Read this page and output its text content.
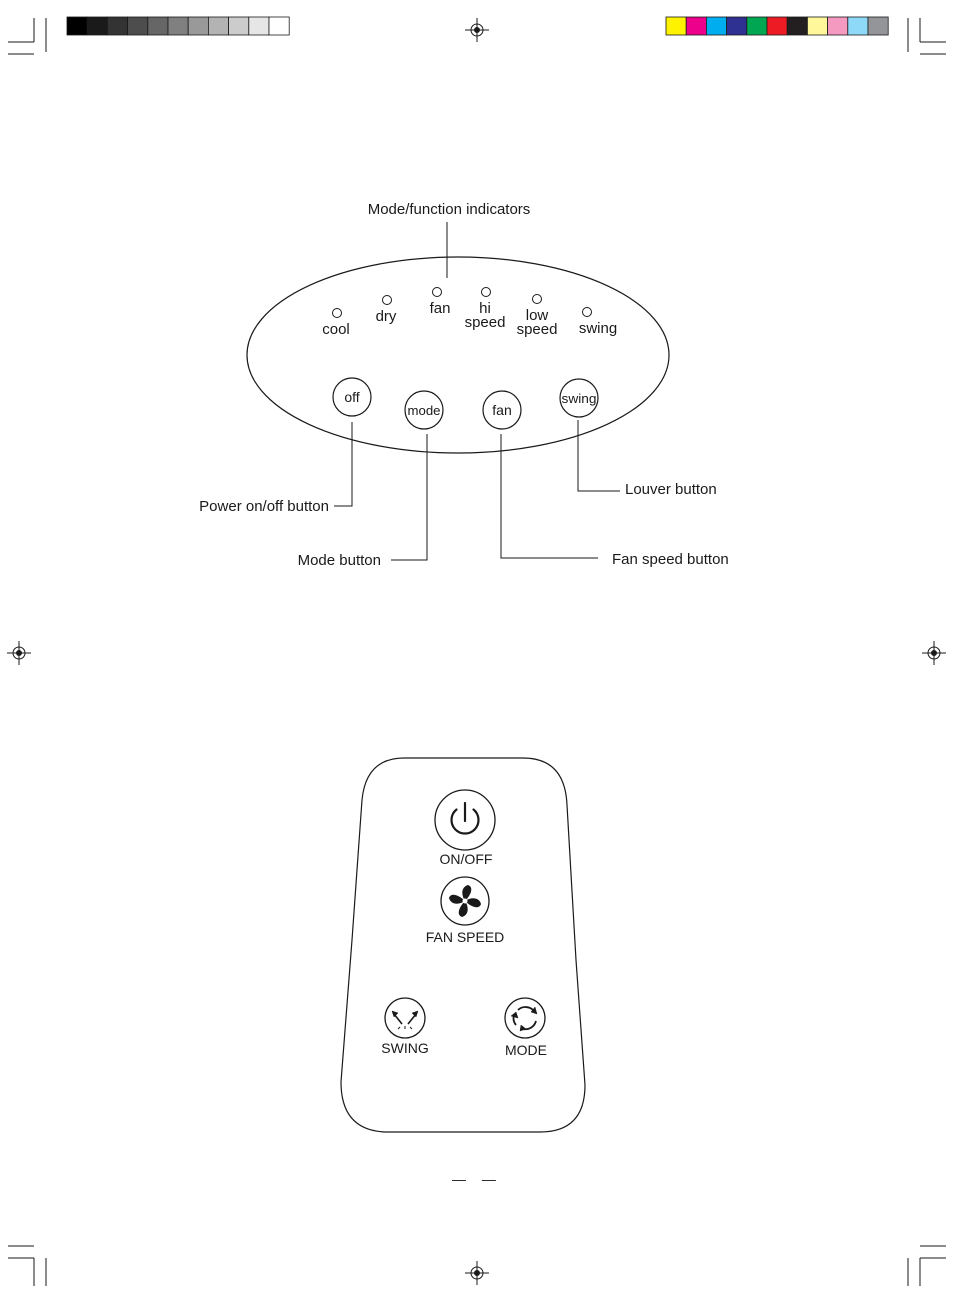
Mode/function indicators
cool
dry fan hi
speed low
speed swing
off
mode	fan
swing
Power on/off button
Mode button	Fan speed button
Louver button
ON/OFF
FAN SPEED
SWING	MODE
— —
